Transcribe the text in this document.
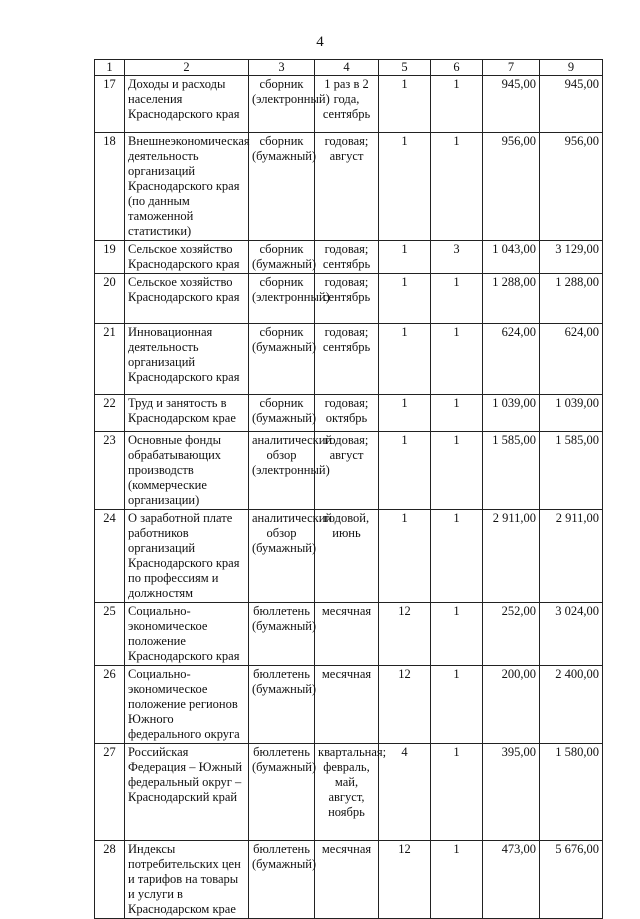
4
1	2	3	4	5	6	7	9
17	Доходы и расходы населения Краснодарского края	сборник (электронный)	1 раз в 2 года, сентябрь	1	1	945,00	945,00
18	Внешнеэкономическая деятельность организаций Краснодарского края (по данным таможенной статистики)	сборник (бумажный)	годовая; август	1	1	956,00	956,00
19	Сельское хозяйство Краснодарского края	сборник (бумажный)	годовая; сентябрь	1	3	1 043,00	3 129,00
20	Сельское хозяйство Краснодарского края	сборник (электронный)	годовая; сентябрь	1	1	1 288,00	1 288,00
21	Инновационная деятельность организаций Краснодарского края	сборник (бумажный)	годовая; сентябрь	1	1	624,00	624,00
22	Труд и занятость в Краснодарском крае	сборник (бумажный)	годовая; октябрь	1	1	1 039,00	1 039,00
23	Основные фонды обрабатывающих производств (коммерческие организации)	аналитический обзор (электронный)	годовая; август	1	1	1 585,00	1 585,00
24	О заработной плате работников организаций Краснодарского края по профессиям и должностям	аналитический обзор (бумажный)	годовой, июнь	1	1	2 911,00	2 911,00
25	Социально-экономическое положение Краснодарского края	бюллетень (бумажный)	месячная	12	1	252,00	3 024,00
26	Социально-экономическое положение регионов Южного федерального округа	бюллетень (бумажный)	месячная	12	1	200,00	2 400,00
27	Российская Федерация – Южный федеральный округ – Краснодарский край	бюллетень (бумажный)	квартальная; февраль, май, август, ноябрь	4	1	395,00	1 580,00
28	Индексы потребительских цен и тарифов на товары и услуги в Краснодарском крае	бюллетень (бумажный)	месячная	12	1	473,00	5 676,00
